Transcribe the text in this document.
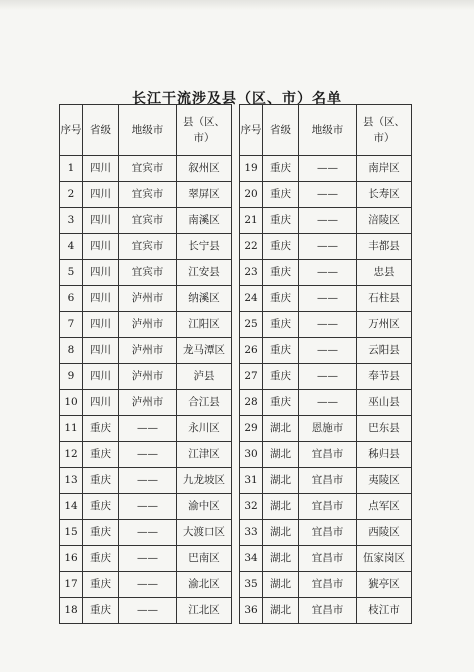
长江干流涉及县（区、市）名单
序号	省级	地级市	县（区、市）
1	四川	宜宾市	叙州区
2	四川	宜宾市	翠屏区
3	四川	宜宾市	南溪区
4	四川	宜宾市	长宁县
5	四川	宜宾市	江安县
6	四川	泸州市	纳溪区
7	四川	泸州市	江阳区
8	四川	泸州市	龙马潭区
9	四川	泸州市	泸县
10	四川	泸州市	合江县
11	重庆	——	永川区
12	重庆	——	江津区
13	重庆	——	九龙坡区
14	重庆	——	渝中区
15	重庆	——	大渡口区
16	重庆	——	巴南区
17	重庆	——	渝北区
18	重庆	——	江北区
序号	省级	地级市	县（区、市）
19	重庆	——	南岸区
20	重庆	——	长寿区
21	重庆	——	涪陵区
22	重庆	——	丰都县
23	重庆	——	忠县
24	重庆	——	石柱县
25	重庆	——	万州区
26	重庆	——	云阳县
27	重庆	——	奉节县
28	重庆	——	巫山县
29	湖北	恩施市	巴东县
30	湖北	宜昌市	秭归县
31	湖北	宜昌市	夷陵区
32	湖北	宜昌市	点军区
33	湖北	宜昌市	西陵区
34	湖北	宜昌市	伍家岗区
35	湖北	宜昌市	猇亭区
36	湖北	宜昌市	枝江市
